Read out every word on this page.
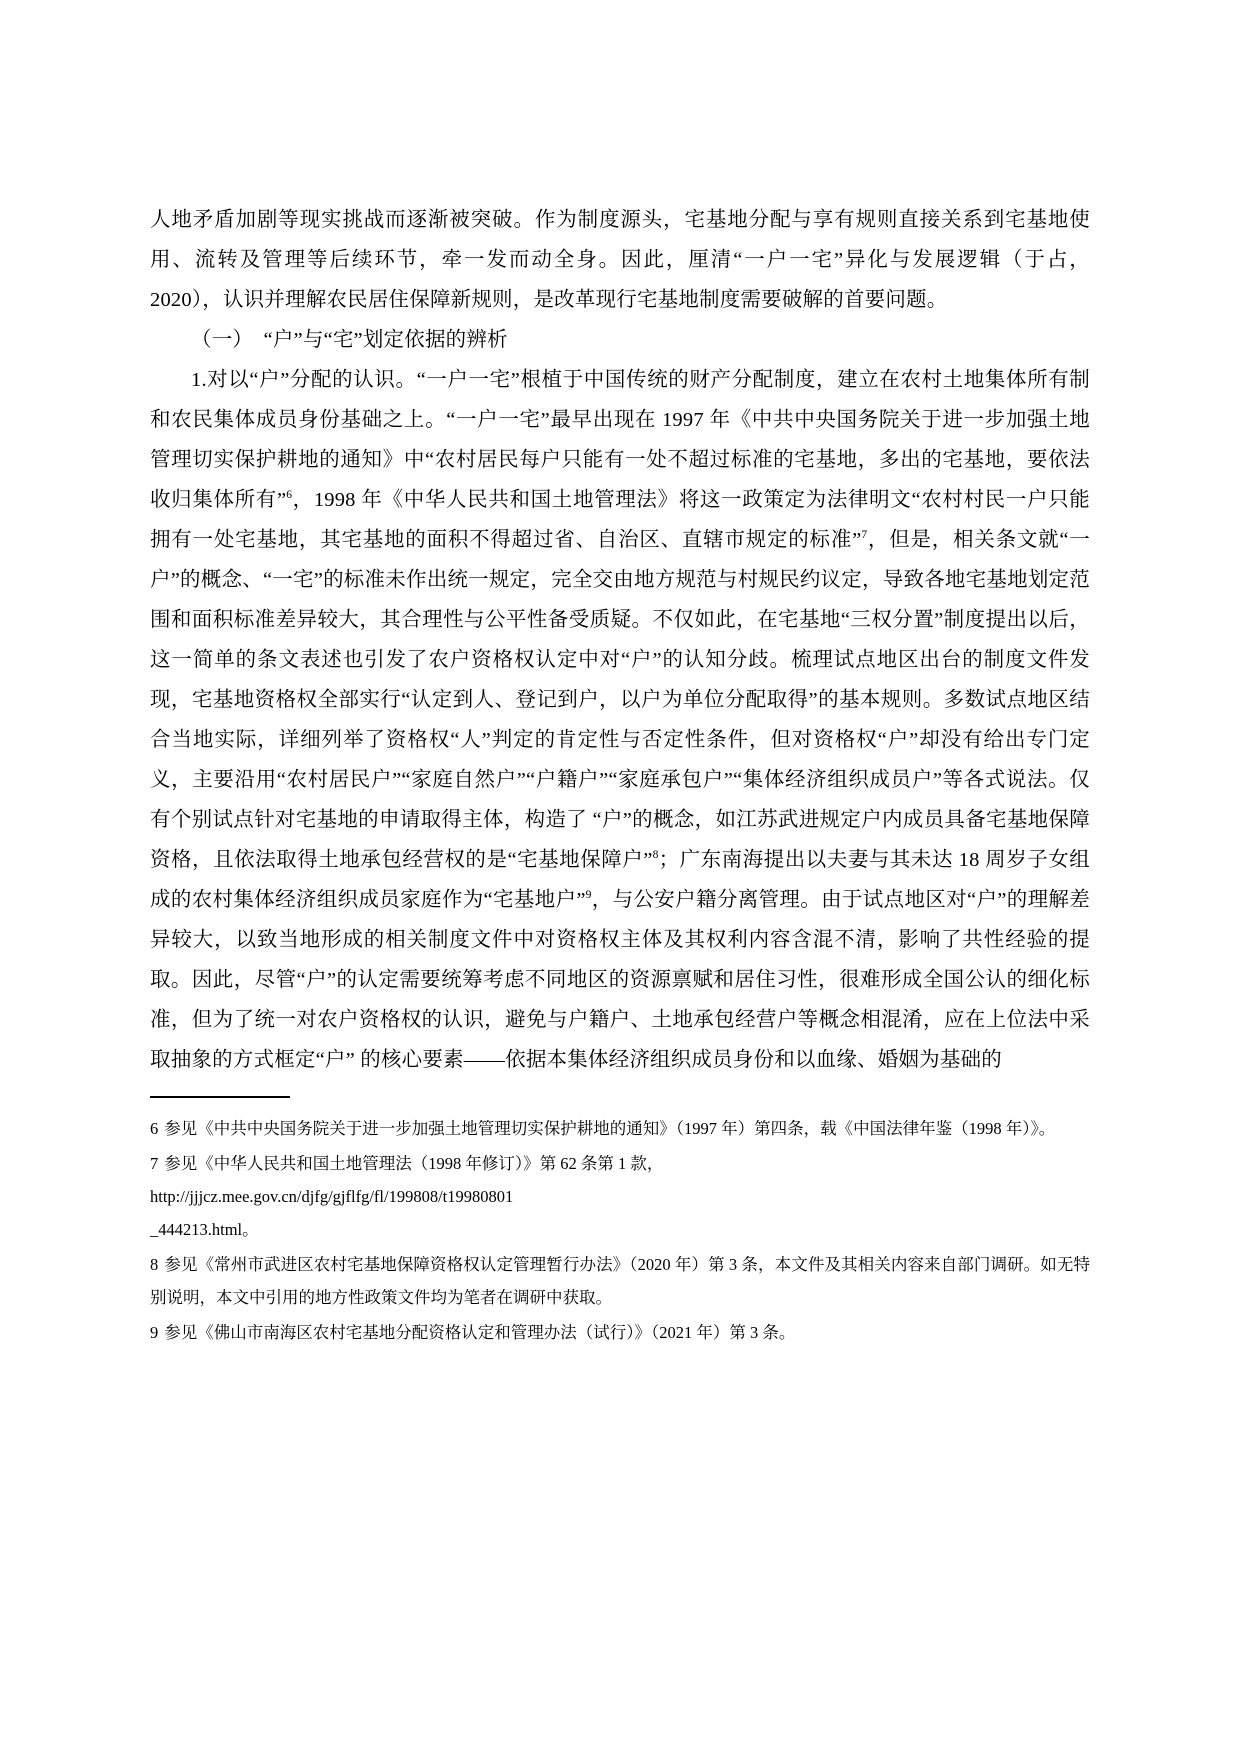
人地矛盾加剧等现实挑战而逐渐被突破。作为制度源头，宅基地分配与享有规则直接关系到宅基地使用、流转及管理等后续环节，牵一发而动全身。因此，厘清“一户一宅”异化与发展逻辑（于占，2020），认识并理解农民居住保障新规则，是改革现行宅基地制度需要破解的首要问题。

（一）　“户”与“宅”划定依据的辨析

1.对以“户”分配的认识。“一户一宅”根植于中国传统的财产分配制度，建立在农村土地集体所有制和农民集体成员身份基础之上。“一户一宅”最早出现在 1997 年《中共中央国务院关于进一步加强土地管理切实保护耕地的通知》中“农村居民每户只能有一处不超过标准的宅基地，多出的宅基地，要依法收归集体所有”$^6$，1998 年《中华人民共和国土地管理法》将这一政策定为法律明文“农村村民一户只能拥有一处宅基地，其宅基地的面积不得超过省、自治区、直辖市规定的标准”$^7$，但是，相关条文就“一户”的概念、“一宅”的标准未作出统一规定，完全交由地方规范与村规民约议定，导致各地宅基地划定范围和面积标准差异较大，其合理性与公平性备受质疑。不仅如此，在宅基地“三权分置”制度提出以后，这一简单的条文表述也引发了农户资格权认定中对“户”的认知分歧。梳理试点地区出台的制度文件发现，宅基地资格权全部实行“认定到人、登记到户，以户为单位分配取得”的基本规则。多数试点地区结合当地实际，详细列举了资格权“人”判定的肯定性与否定性条件，但对资格权“户”却没有给出专门定义，主要沿用“农村居民户”“家庭自然户”“户籍户”“家庭承包户”“集体经济组织成员户”等各式说法。仅有个别试点针对宅基地的申请取得主体，构造了 “户”的概念，如江苏武进规定户内成员具备宅基地保障资格，且依法取得土地承包经营权的是“宅基地保障户”$^8$；广东南海提出以夫妻与其未达 18 周岁子女组成的农村集体经济组织成员家庭作为“宅基地户”$^9$，与公安户籍分离管理。由于试点地区对“户”的理解差异较大，以致当地形成的相关制度文件中对资格权主体及其权利内容含混不清，影响了共性经验的提取。因此，尽管“户”的认定需要统筹考虑不同地区的资源禀赋和居住习性，很难形成全国公认的细化标准，但为了统一对农户资格权的认识，避免与户籍户、土地承包经营户等概念相混淆，应在上位法中采取抽象的方式框定“户” 的核心要素——依据本集体经济组织成员身份和以血缘、婚姻为基础的

6 参见《中共中央国务院关于进一步加强土地管理切实保护耕地的通知》（1997 年）第四条，载《中国法律年鉴（1998 年）》。

7 参见《中华人民共和国土地管理法（1998 年修订）》第 62 条第 1 款，
http://jjjcz.mee.gov.cn/djfg/gjflfg/fl/199808/t19980801
_444213.html。

8 参见《常州市武进区农村宅基地保障资格权认定管理暂行办法》（2020 年）第 3 条，本文件及其相关内容来自部门调研。如无特别说明，本文中引用的地方性政策文件均为笔者在调研中获取。

9 参见《佛山市南海区农村宅基地分配资格认定和管理办法（试行）》（2021 年）第 3 条。
